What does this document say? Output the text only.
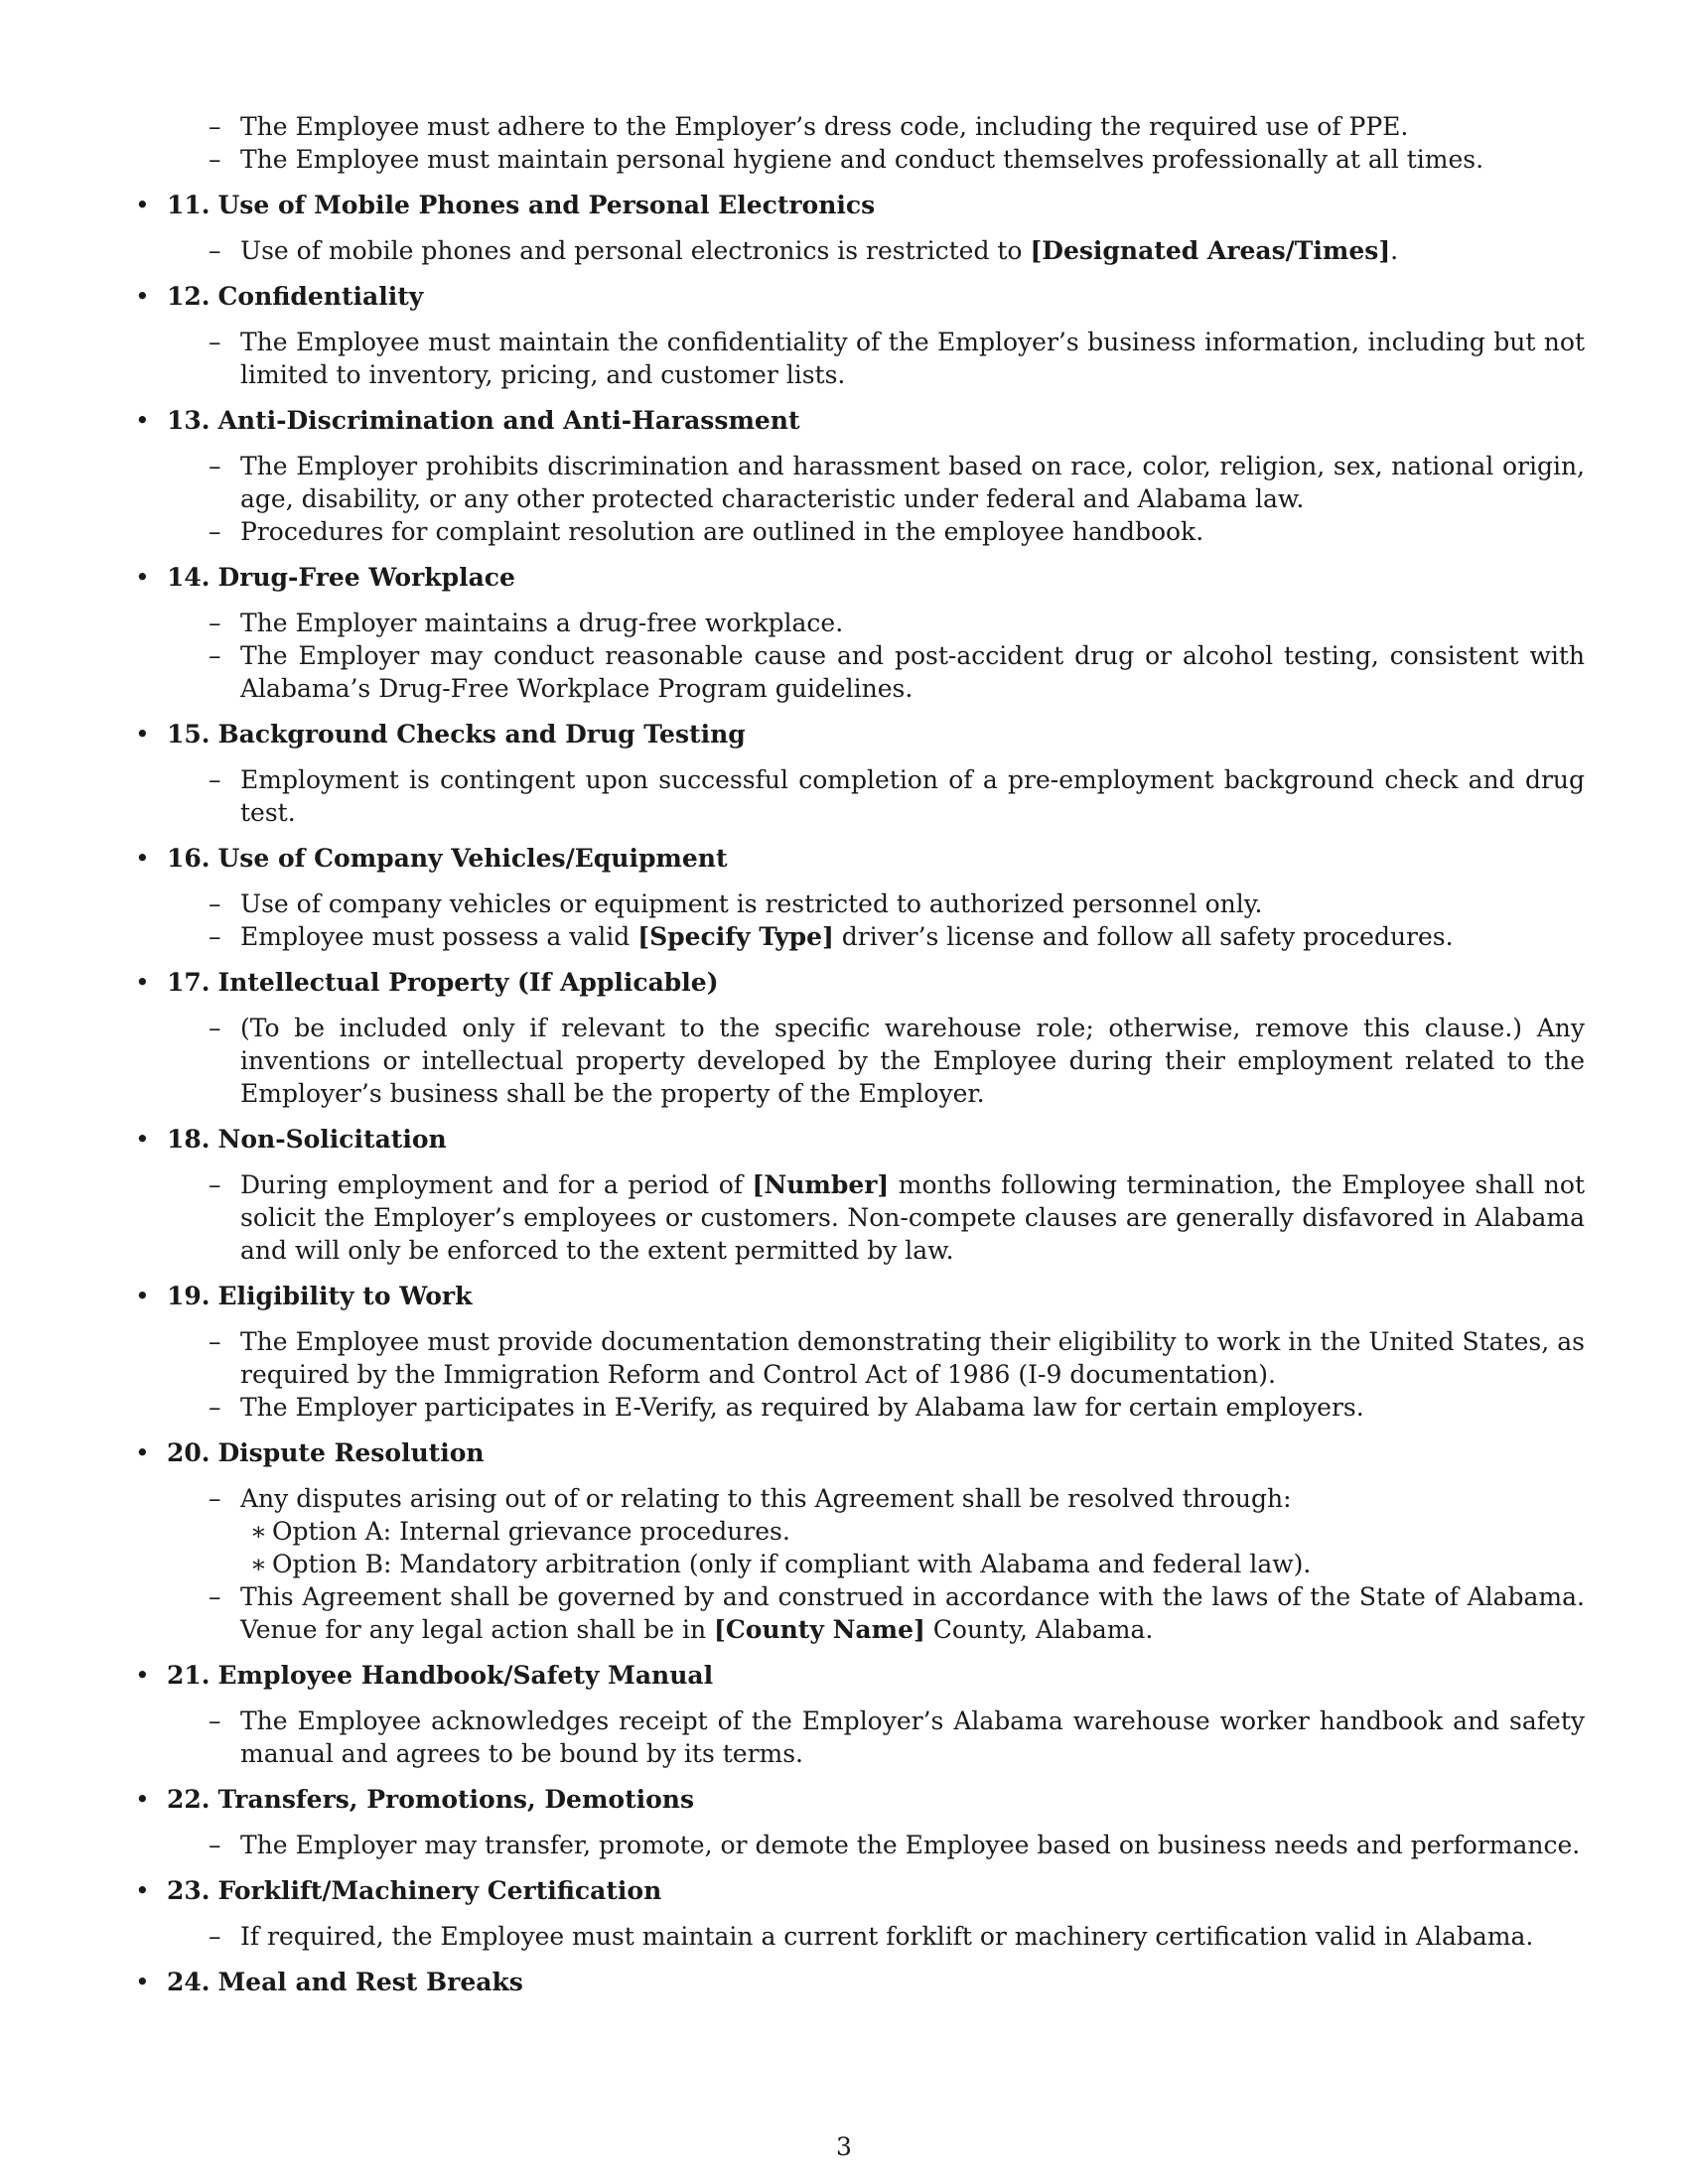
– The Employee must adhere to the Employer’s dress code, including the required use of PPE.
– The Employee must maintain personal hygiene and conduct themselves professionally at all times.
• 11. Use of Mobile Phones and Personal Electronics
– Use of mobile phones and personal electronics is restricted to [Designated Areas/Times].
• 12. Confidentiality
– The Employee must maintain the confidentiality of the Employer’s business information, including but not limited to inventory, pricing, and customer lists.
• 13. Anti-Discrimination and Anti-Harassment
– The Employer prohibits discrimination and harassment based on race, color, religion, sex, national origin, age, disability, or any other protected characteristic under federal and Alabama law.
– Procedures for complaint resolution are outlined in the employee handbook.
• 14. Drug-Free Workplace
– The Employer maintains a drug-free workplace.
– The Employer may conduct reasonable cause and post-accident drug or alcohol testing, consistent with Alabama’s Drug-Free Workplace Program guidelines.
• 15. Background Checks and Drug Testing
– Employment is contingent upon successful completion of a pre-employment background check and drug test.
• 16. Use of Company Vehicles/Equipment
– Use of company vehicles or equipment is restricted to authorized personnel only.
– Employee must possess a valid [Specify Type] driver’s license and follow all safety procedures.
• 17. Intellectual Property (If Applicable)
– (To be included only if relevant to the specific warehouse role; otherwise, remove this clause.) Any inventions or intellectual property developed by the Employee during their employment related to the Employer’s business shall be the property of the Employer.
• 18. Non-Solicitation
– During employment and for a period of [Number] months following termination, the Employee shall not solicit the Employer’s employees or customers. Non-compete clauses are generally disfavored in Alabama and will only be enforced to the extent permitted by law.
• 19. Eligibility to Work
– The Employee must provide documentation demonstrating their eligibility to work in the United States, as required by the Immigration Reform and Control Act of 1986 (I-9 documentation).
– The Employer participates in E-Verify, as required by Alabama law for certain employers.
• 20. Dispute Resolution
– Any disputes arising out of or relating to this Agreement shall be resolved through:
∗ Option A: Internal grievance procedures.
∗ Option B: Mandatory arbitration (only if compliant with Alabama and federal law).
– This Agreement shall be governed by and construed in accordance with the laws of the State of Alabama. Venue for any legal action shall be in [County Name] County, Alabama.
• 21. Employee Handbook/Safety Manual
– The Employee acknowledges receipt of the Employer’s Alabama warehouse worker handbook and safety manual and agrees to be bound by its terms.
• 22. Transfers, Promotions, Demotions
– The Employer may transfer, promote, or demote the Employee based on business needs and performance.
• 23. Forklift/Machinery Certification
– If required, the Employee must maintain a current forklift or machinery certification valid in Alabama.
• 24. Meal and Rest Breaks
3
